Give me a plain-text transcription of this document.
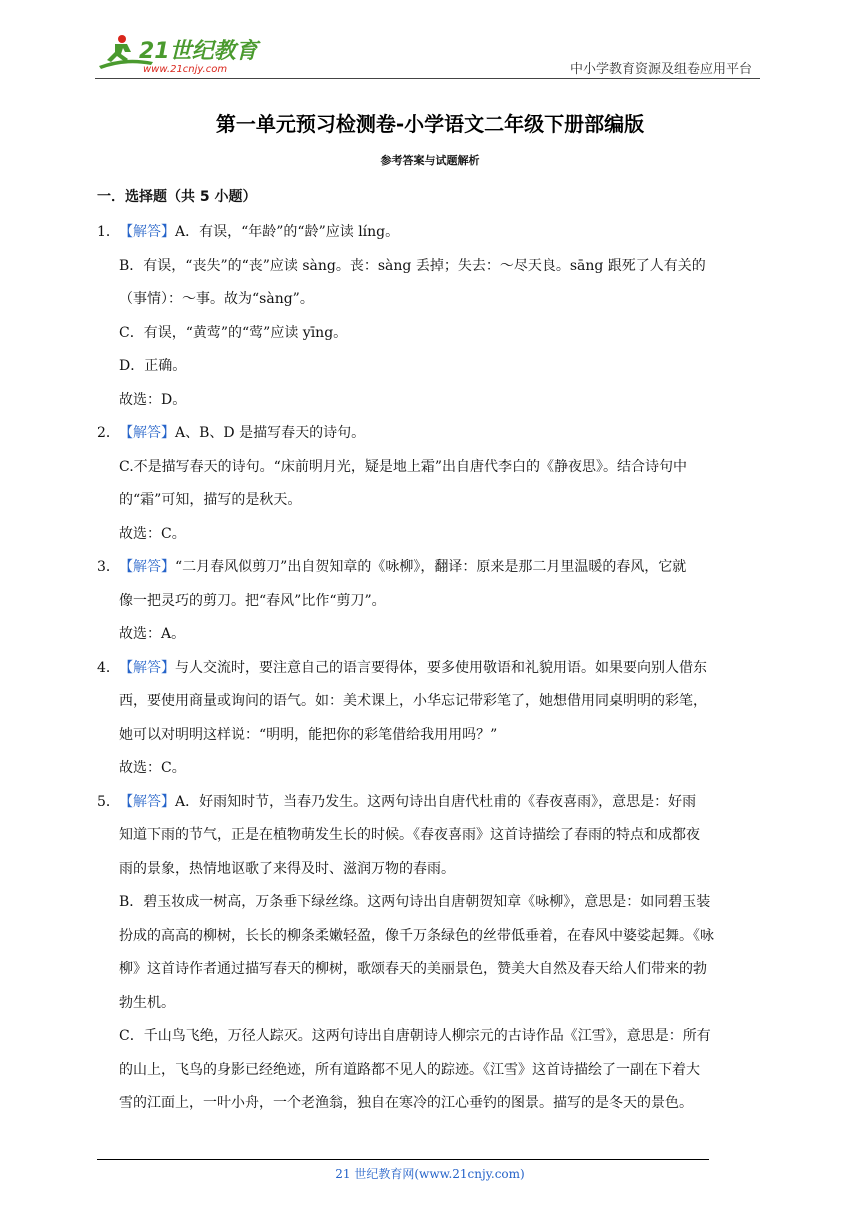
21世纪教育
www.21cnjy.com	中小学教育资源及组卷应用平台
第一单元预习检测卷-小学语文二年级下册部编版
参考答案与试题解析
一．选择题（共 5 小题）
1．【解答】A．有误，“年龄”的“龄”应读 líng。
B．有误，“丧失”的“丧”应读 sàng。丧：sàng 丢掉；失去：～尽天良。sāng 跟死了人有关的
（事情）：～事。故为“sàng”。
C．有误，“黄莺”的“莺”应读 yīng。
D．正确。
故选：D。
2．【解答】A、B、D 是描写春天的诗句。
C.不是描写春天的诗句。“床前明月光，疑是地上霜”出自唐代李白的《静夜思》。结合诗句中
的“霜”可知，描写的是秋天。
故选：C。
3．【解答】“二月春风似剪刀”出自贺知章的《咏柳》，翻译：原来是那二月里温暖的春风，它就
像一把灵巧的剪刀。把“春风”比作“剪刀”。
故选：A。
4．【解答】与人交流时，要注意自己的语言要得体，要多使用敬语和礼貌用语。如果要向别人借东
西，要使用商量或询问的语气。如：美术课上，小华忘记带彩笔了，她想借用同桌明明的彩笔，
她可以对明明这样说：“明明，能把你的彩笔借给我用用吗？”
故选：C。
5．【解答】A．好雨知时节，当春乃发生。这两句诗出自唐代杜甫的《春夜喜雨》，意思是：好雨
知道下雨的节气，正是在植物萌发生长的时候。《春夜喜雨》这首诗描绘了春雨的特点和成都夜
雨的景象，热情地讴歌了来得及时、滋润万物的春雨。
B．碧玉妆成一树高，万条垂下绿丝绦。这两句诗出自唐朝贺知章《咏柳》，意思是：如同碧玉装
扮成的高高的柳树，长长的柳条柔嫩轻盈，像千万条绿色的丝带低垂着，在春风中婆娑起舞。《咏
柳》这首诗作者通过描写春天的柳树，歌颂春天的美丽景色，赞美大自然及春天给人们带来的勃
勃生机。
C．千山鸟飞绝，万径人踪灭。这两句诗出自唐朝诗人柳宗元的古诗作品《江雪》，意思是：所有
的山上，飞鸟的身影已经绝迹，所有道路都不见人的踪迹。《江雪》这首诗描绘了一副在下着大
雪的江面上，一叶小舟，一个老渔翁，独自在寒冷的江心垂钓的图景。描写的是冬天的景色。
21 世纪教育网(www.21cnjy.com)
